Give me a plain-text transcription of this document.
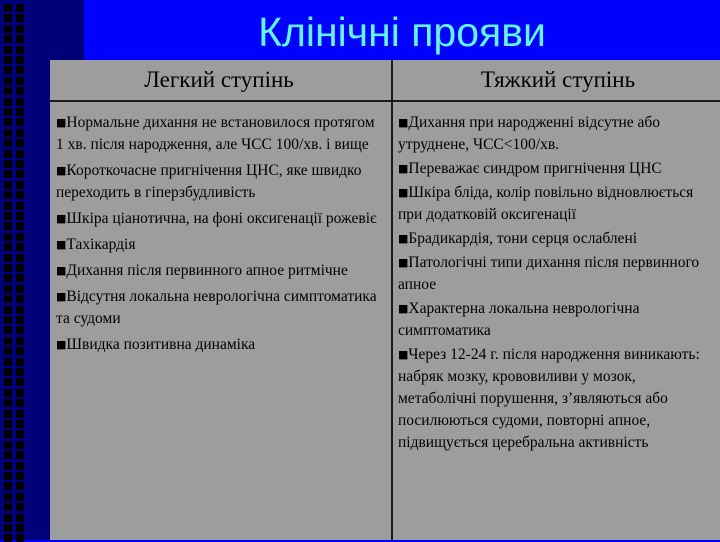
Клінічні прояви
Легкий ступінь	Тяжкий ступінь
■Нормальне дихання не встановилося протягом 1 хв. після народження, але ЧСС 100/хв. і вище
■Короткочасне пригнічення ЦНС, яке швидко переходить в гіперзбудливість
■Шкіра ціанотична, на фоні оксигенації рожевіє
■Тахікардія
■Дихання після первинного апное ритмічне
■Відсутня локальна неврологічна симптоматика та судоми
■Швидка позитивна динаміка
■Дихання при народженні відсутне або утруднене, ЧСС<100/хв.
■Переважає синдром пригнічення ЦНС
■Шкіра бліда, колір повільно відновлюється при додатковій оксигенації
■Брадикардія, тони серця ослаблені
■Патологічні типи дихання після первинного апное
■Характерна локальна неврологічна симптоматика
■Через 12-24 г. після народження виникають: набряк мозку, крововиливи у мозок, метаболічні порушення, з’являються або посилюються судоми, повторні апное, підвищується церебральна активність
